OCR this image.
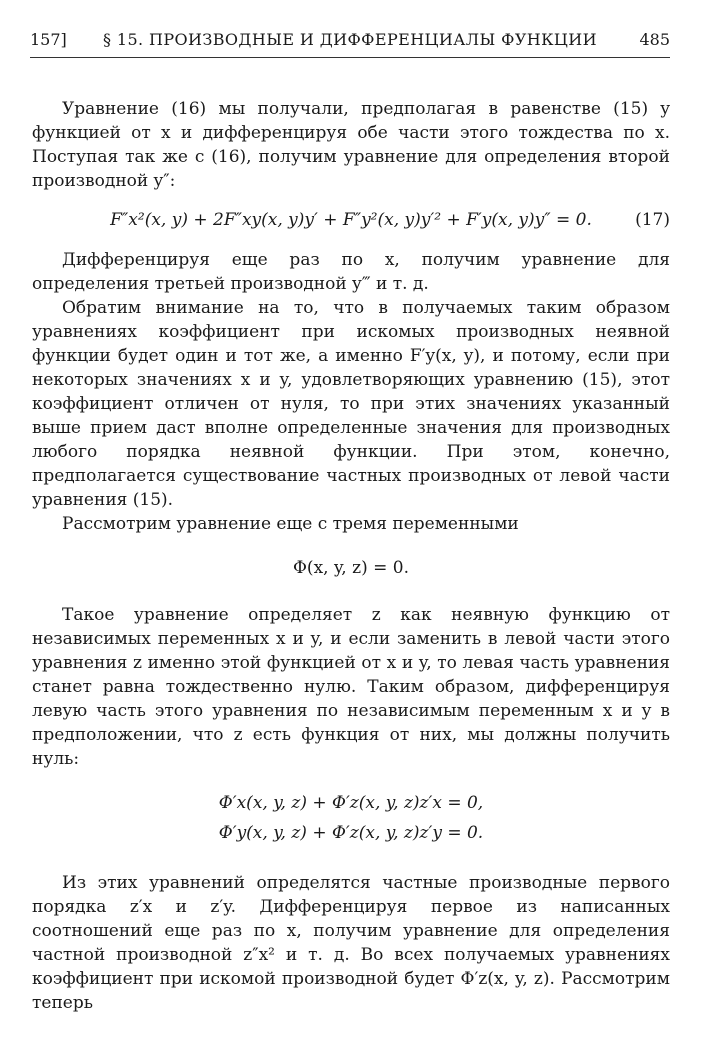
157]	§ 15. ПРОИЗВОДНЫЕ И ДИФФЕРЕНЦИАЛЫ ФУНКЦИИ	485

Уравнение (16) мы получали, предполагая в равенстве (15) y функцией от x и дифференцируя обе части этого тождества по x. Поступая так же с (16), получим уравнение для определения второй производной y″:

F″x²(x, y) + 2F″xy(x, y)y′ + F″y²(x, y)y′² + F′y(x, y)y″ = 0.	(17)

Дифференцируя еще раз по x, получим уравнение для определения третьей производной y‴ и т. д.

Обратим внимание на то, что в получаемых таким образом уравнениях коэффициент при искомых производных неявной функции будет один и тот же, а именно F′y(x, y), и потому, если при некоторых значениях x и y, удовлетворяющих уравнению (15), этот коэффициент отличен от нуля, то при этих значениях указанный выше прием даст вполне определенные значения для производных любого порядка неявной функции. При этом, конечно, предполагается существование частных производных от левой части уравнения (15).

Рассмотрим уравнение еще с тремя переменными

Φ(x, y, z) = 0.

Такое уравнение определяет z как неявную функцию от независимых переменных x и y, и если заменить в левой части этого уравнения z именно этой функцией от x и y, то левая часть уравнения станет равна тождественно нулю. Таким образом, дифференцируя левую часть этого уравнения по независимым переменным x и y в предположении, что z есть функция от них, мы должны получить нуль:

Φ′x(x, y, z) + Φ′z(x, y, z)z′x = 0,
Φ′y(x, y, z) + Φ′z(x, y, z)z′y = 0.

Из этих уравнений определятся частные производные первого порядка z′x и z′y. Дифференцируя первое из написанных соотношений еще раз по x, получим уравнение для определения частной производной z″x² и т. д. Во всех получаемых уравнениях коэффициент при искомой производной будет Φ′z(x, y, z). Рассмотрим теперь
